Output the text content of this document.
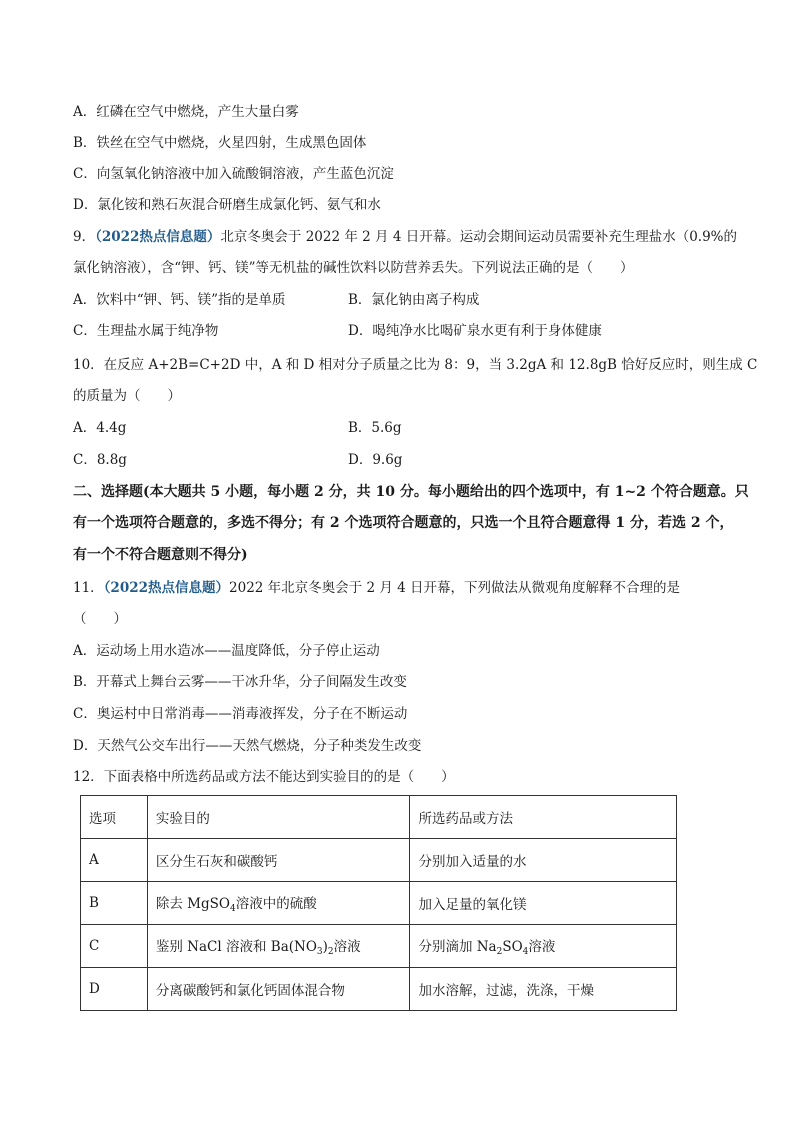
A．红磷在空气中燃烧，产生大量白雾
B．铁丝在空气中燃烧，火星四射，生成黑色固体
C．向氢氧化钠溶液中加入硫酸铜溶液，产生蓝色沉淀
D．氯化铵和熟石灰混合研磨生成氯化钙、氨气和水
9．（2022热点信息题）北京冬奥会于 2022 年 2 月 4 日开幕。运动会期间运动员需要补充生理盐水（0.9%的
氯化钠溶液），含“钾、钙、镁”等无机盐的碱性饮料以防营养丢失。下列说法正确的是（　　）
A．饮料中“钾、钙、镁”指的是单质	B．氯化钠由离子构成
C．生理盐水属于纯净物	D．喝纯净水比喝矿泉水更有利于身体健康
10．在反应 A+2B=C+2D 中，A 和 D 相对分子质量之比为 8：9，当 3.2gA 和 12.8gB 恰好反应时，则生成 C
的质量为（　　）
A．4.4g	B．5.6g
C．8.8g	D．9.6g
二、选择题(本大题共 5 小题，每小题 2 分，共 10 分。每小题给出的四个选项中，有 1~2 个符合题意。只
有一个选项符合题意的，多选不得分；有 2 个选项符合题意的，只选一个且符合题意得 1 分，若选 2 个，
有一个不符合题意则不得分)
11．（2022热点信息题）2022 年北京冬奥会于 2 月 4 日开幕，下列做法从微观角度解释不合理的是
（　　）
A．运动场上用水造冰——温度降低，分子停止运动
B．开幕式上舞台云雾——干冰升华，分子间隔发生改变
C．奥运村中日常消毒——消毒液挥发，分子在不断运动
D．天然气公交车出行——天然气燃烧，分子种类发生改变
12．下面表格中所选药品或方法不能达到实验目的的是（　　）
选项	实验目的	所选药品或方法
A	区分生石灰和碳酸钙	分别加入适量的水
B	除去 MgSO$_4$溶液中的硫酸	加入足量的氧化镁
C	鉴别 NaCl 溶液和 $Ba(NO_3)_2$溶液	分别滴加 $Na_2SO_4$溶液
D	分离碳酸钙和氯化钙固体混合物	加水溶解，过滤，洗涤，干燥
